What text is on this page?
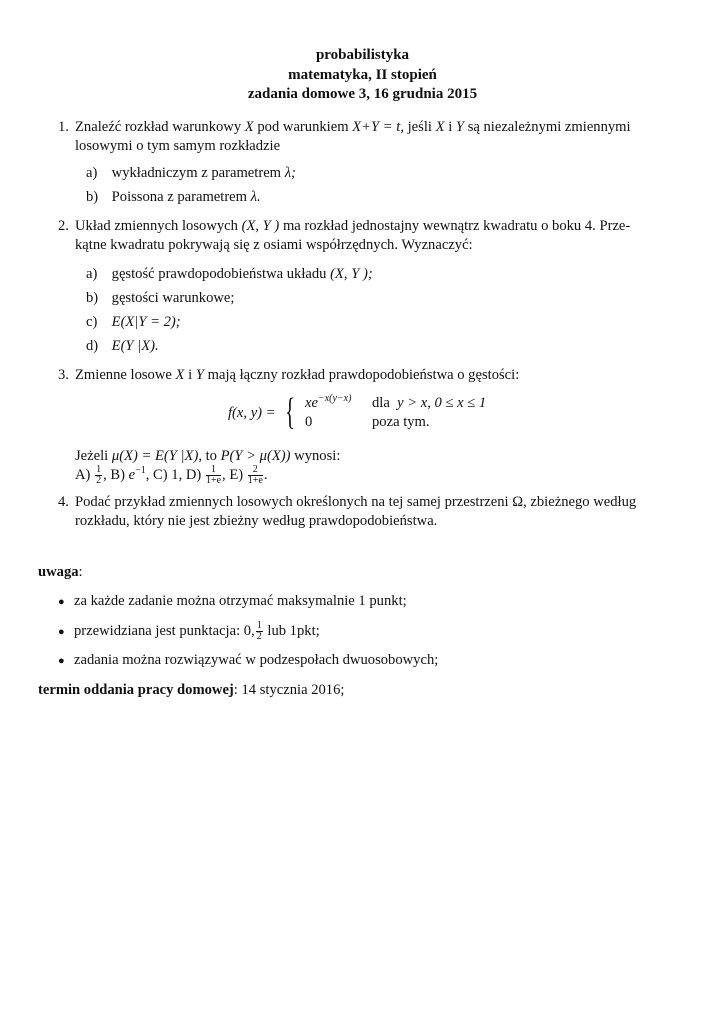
probabilistyka
matematyka, II stopień
zadania domowe 3, 16 grudnia 2015
1. Znaleźć rozkład warunkowy X pod warunkiem X+Y = t, jeśli X i Y są niezależnymi zmiennymi
losowymi o tym samym rozkładzie
a) wykładniczym z parametrem λ;
b) Poissona z parametrem λ.
2. Układ zmiennych losowych (X, Y ) ma rozkład jednostajny wewnątrz kwadratu o boku 4. Prze-
kątne kwadratu pokrywają się z osiami współrzędnych. Wyznaczyć:
a) gęstość prawdopodobieństwa układu (X, Y );
b) gęstości warunkowe;
c) E(X|Y = 2);
d) E(Y |X).
3. Zmienne losowe X i Y mają łączny rozkład prawdopodobieństwa o gęstości:
f(x, y) = { $xe^{-x(y-x)}$ dla y > x, 0 ≤ x ≤ 1
0	poza tym.
Jeżeli μ(X) = E(Y |X), to P(Y > μ(X)) wynosi:
$A) \frac{1}{2}$ , B) $e^{-1}$, C) 1, $D) \frac{1}{1+e}$ , $E) \frac{2}{1+e}$ .
4. Podać przykład zmiennych losowych określonych na tej samej przestrzeni Ω, zbieżnego według
rozkładu, który nie jest zbieżny według prawdopodobieństwa.
uwaga:
● za każde zadanie można otrzymać maksymalnie 1 punkt;
● przewidziana jest punktacja: 0, $\frac{1}{2}$ lub 1pkt;
● zadania można rozwiązywać w podzespołach dwuosobowych;
termin oddania pracy domowej: 14 stycznia 2016;
